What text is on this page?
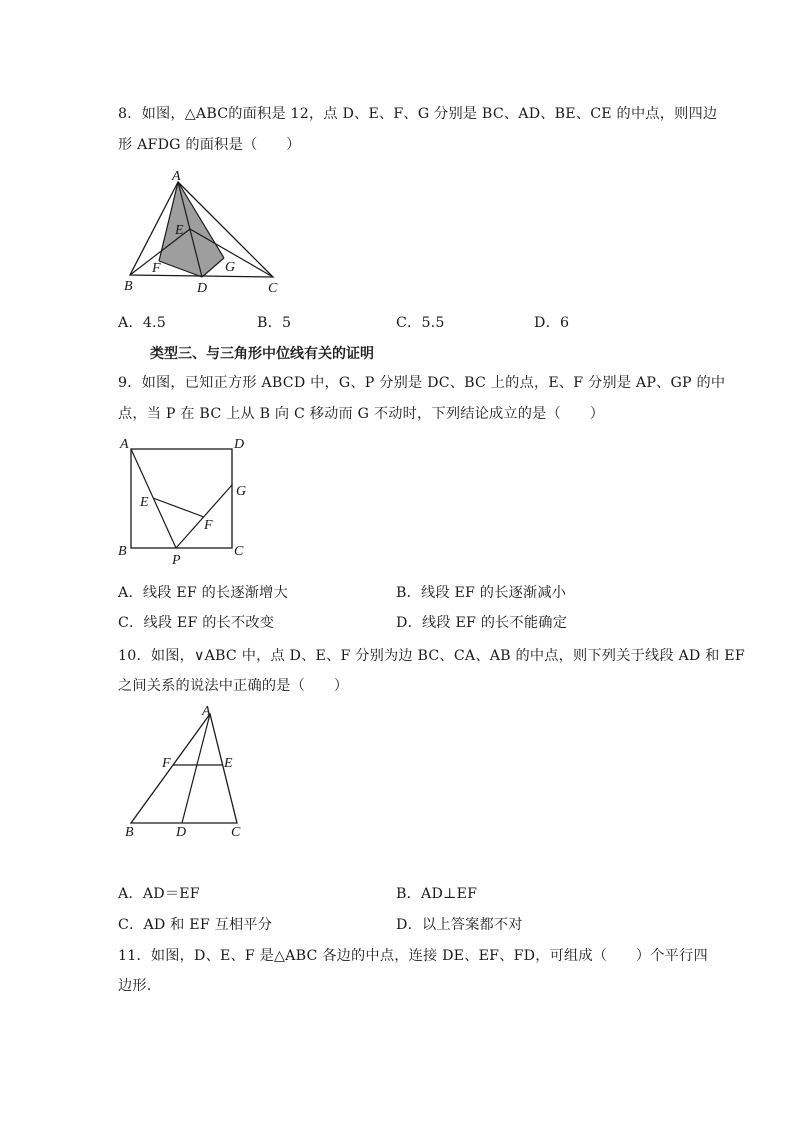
8．如图，△ABC的面积是 12，点 D、E、F、G 分别是 BC、AD、BE、CE 的中点，则四边
形 AFDG 的面积是（　　）
A
B	C
D
E
F	G
A．4.5	B．5	C．5.5	D．6
类型三、与三角形中位线有关的证明
9．如图，已知正方形 ABCD 中，G、P 分别是 DC、BC 上的点，E、F 分别是 AP、GP 的中
点，当 P 在 BC 上从 B 向 C 移动而 G 不动时，下列结论成立的是（　　）
A	D
B	C
G
E
F
P
A．线段 EF 的长逐渐增大	B．线段 EF 的长逐渐减小
C．线段 EF 的长不改变	D．线段 EF 的长不能确定
10．如图，∨ABC 中，点 D、E、F 分别为边 BC、CA、AB 的中点，则下列关于线段 AD 和 EF
之间关系的说法中正确的是（　　）
A
B	D	C
F	E
A．AD＝EF	B．AD⊥EF
C．AD 和 EF 互相平分	D．以上答案都不对
11．如图，D、E、F 是△ABC 各边的中点，连接 DE、EF、FD，可组成（　　）个平行四
边形.
